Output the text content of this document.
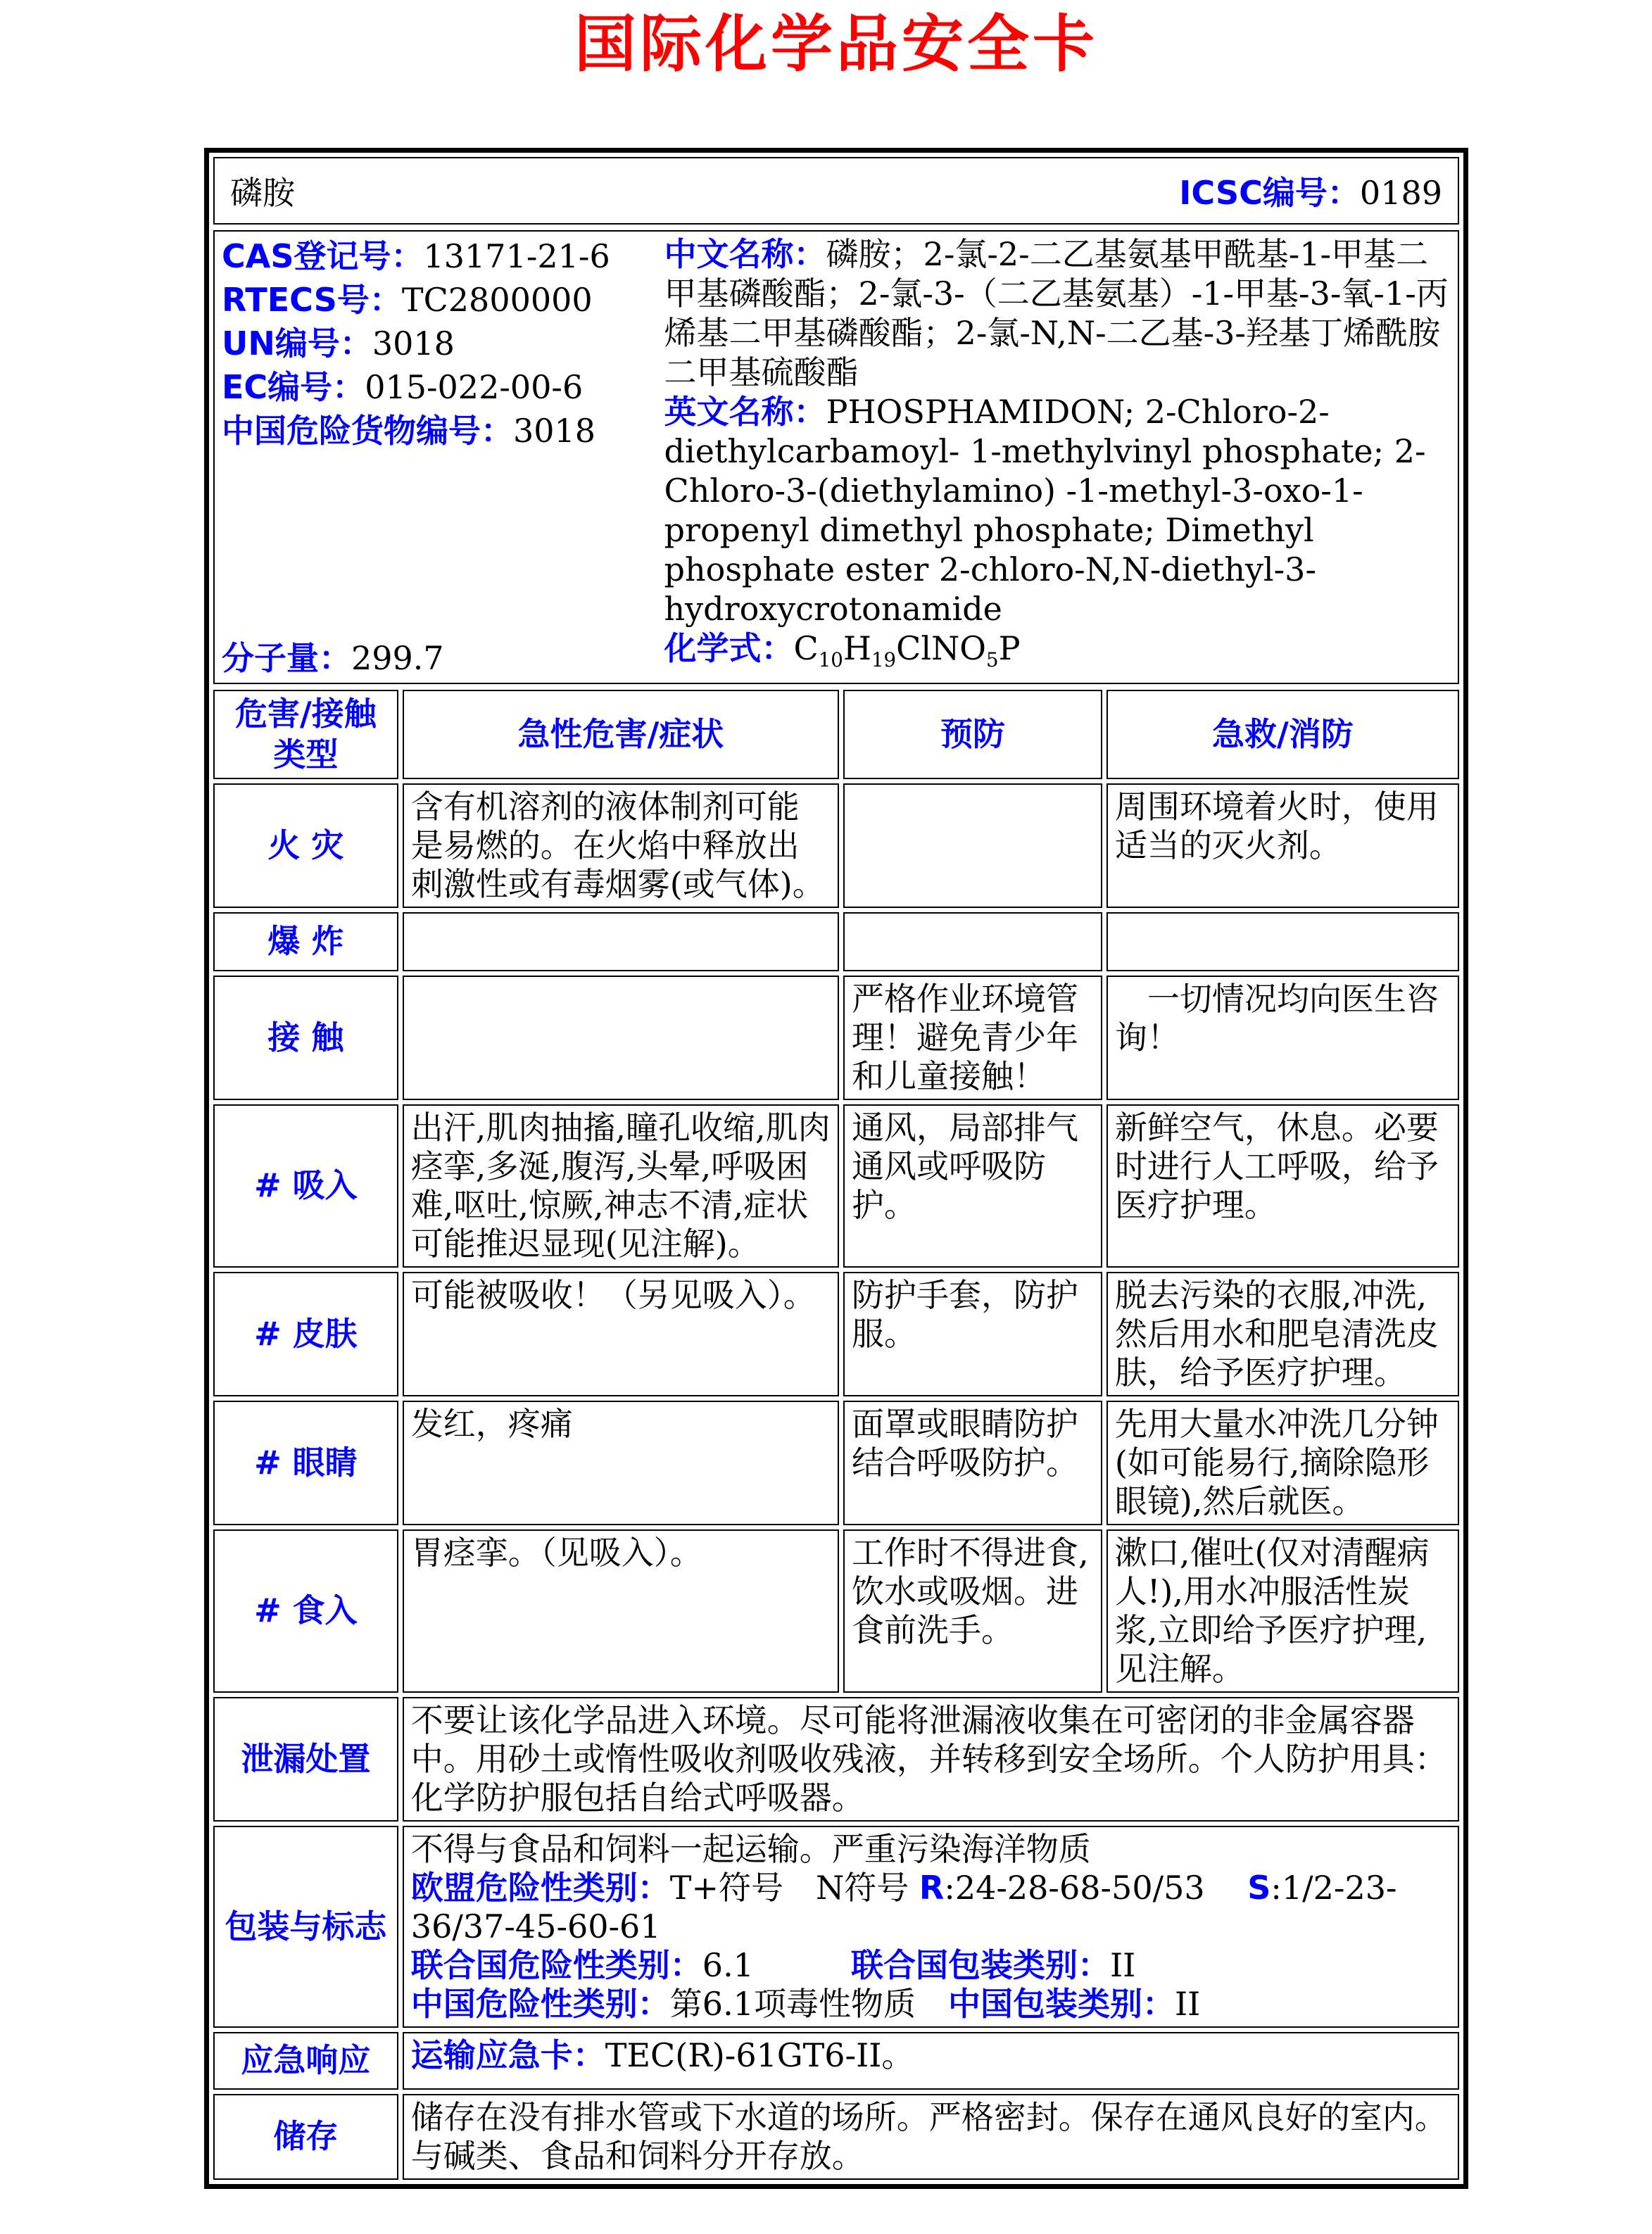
国际化学品安全卡
磷胺	ICSC编号：0189
CAS登记号：13171-21-6
RTECS号：TC2800000
UN编号：3018
EC编号：015-022-00-6
中国危险货物编号：3018
分子量：299.7
中文名称：磷胺；2-氯-2-二乙基氨基甲酰基-1-甲基二甲基磷酸酯；2-氯-3-（二乙基氨基）-1-甲基-3-氧-1-丙烯基二甲基磷酸酯；2-氯-N,N-二乙基-3-羟基丁烯酰胺二甲基硫酸酯
英文名称：PHOSPHAMIDON; 2-Chloro-2-diethylcarbamoyl- 1-methylvinyl phosphate; 2-Chloro-3-(diethylamino) -1-methyl-3-oxo-1-propenyl dimethyl phosphate; Dimethyl phosphate ester 2-chloro-N,N-diethyl-3-hydroxycrotonamide
化学式：$C_{10}H_{19}ClNO_5P$
危害/接触类型	急性危害/症状	预防	急救/消防
火 灾	含有机溶剂的液体制剂可能是易燃的。在火焰中释放出刺激性或有毒烟雾(或气体)。		周围环境着火时，使用适当的灭火剂。
爆 炸			
接 触		严格作业环境管理！避免青少年和儿童接触！	　一切情况均向医生咨询！
# 吸入	出汗,肌肉抽搐,瞳孔收缩,肌肉痉挛,多涎,腹泻,头晕,呼吸困难,呕吐,惊厥,神志不清,症状可能推迟显现(见注解)。	通风，局部排气通风或呼吸防护。	新鲜空气，休息。必要时进行人工呼吸，给予医疗护理。
# 皮肤	可能被吸收！（另见吸入）。	防护手套，防护服。	脱去污染的衣服,冲洗,然后用水和肥皂清洗皮肤，给予医疗护理。
# 眼睛	发红，疼痛	面罩或眼睛防护结合呼吸防护。	先用大量水冲洗几分钟(如可能易行,摘除隐形眼镜),然后就医。
# 食入	胃痉挛。（见吸入）。	工作时不得进食,饮水或吸烟。进食前洗手。	漱口,催吐(仅对清醒病人!),用水冲服活性炭浆,立即给予医疗护理,见注解。
泄漏处置	不要让该化学品进入环境。尽可能将泄漏液收集在可密闭的非金属容器中。用砂土或惰性吸收剂吸收残液，并转移到安全场所。个人防护用具：化学防护服包括自给式呼吸器。		

包装与标志	不得与食品和饲料一起运输。严重污染海洋物质
欧盟危险性类别：T+符号　N符号 R:24-28-68-50/53　 S:1/2-23-36/37-45-60-61
联合国危险性类别：6.1　　　联合国包装类别：II
中国危险性类别：第6.1项毒性物质　中国包装类别：II		

应急响应	运输应急卡：TEC(R)-61GT6-II。		

储存	储存在没有排水管或下水道的场所。严格密封。保存在通风良好的室内。与碱类、食品和饲料分开存放。		
